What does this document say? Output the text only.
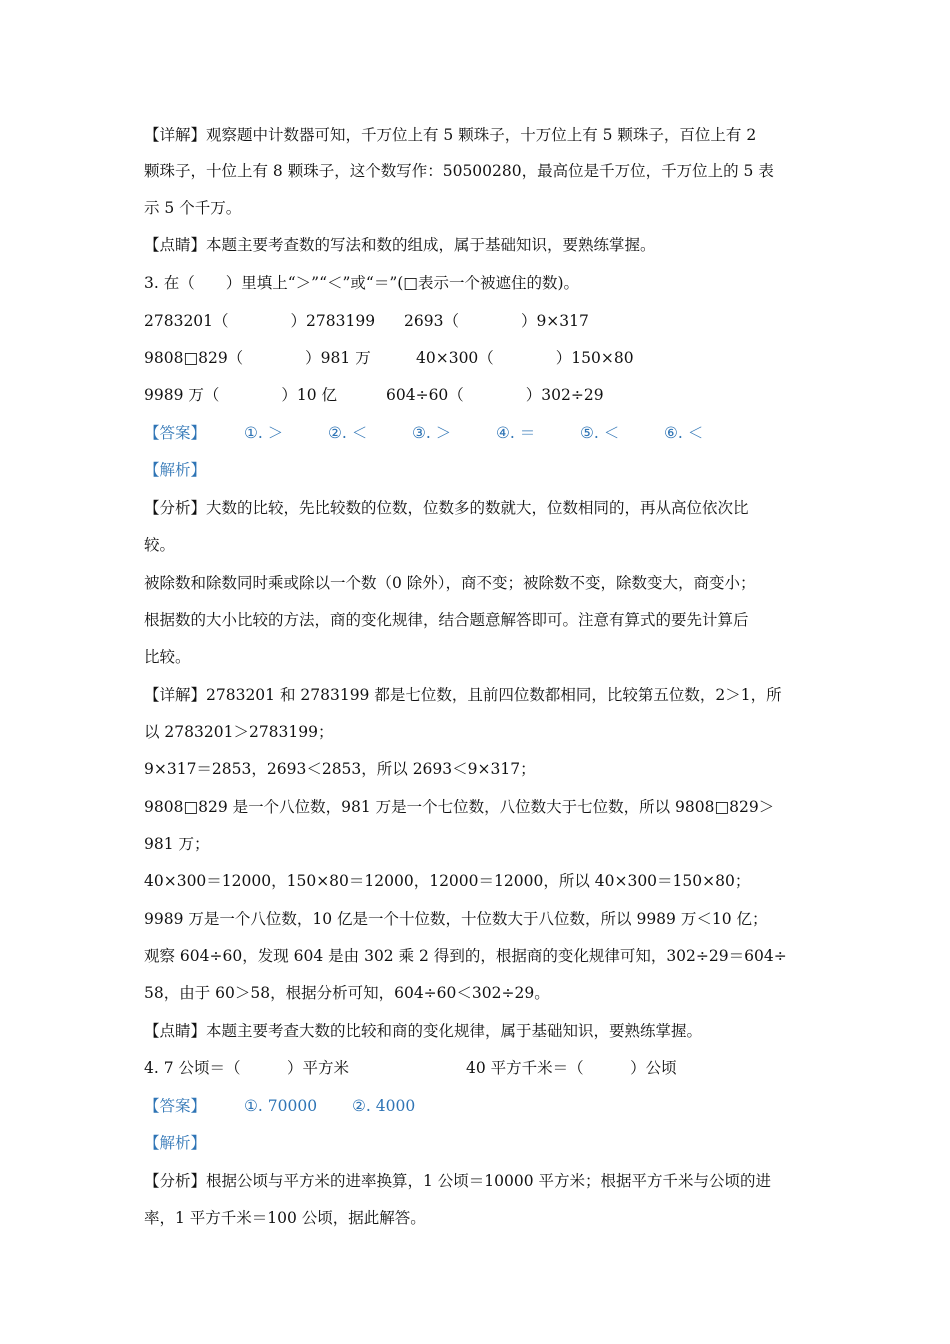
【详解】观察题中计数器可知，千万位上有 5 颗珠子，十万位上有 5 颗珠子，百位上有 2
颗珠子，十位上有 8 颗珠子，这个数写作：50500280，最高位是千万位，千万位上的 5 表
示 5 个千万。
【点睛】本题主要考查数的写法和数的组成，属于基础知识，要熟练掌握。
3. 在（　　）里填上“＞”“＜”或“＝”(□表示一个被遮住的数)。
2783201（　　　　）2783199 2693（　　　　）9×317
9808□829（　　　　）981 万	40×300（　　　　）150×80
9989 万（　　　　）10 亿	604÷60（　　　　）302÷29
【答案】 ①. ＞	②. ＜	③. ＞	④. ＝	⑤. ＜	⑥. ＜
【解析】
【分析】大数的比较，先比较数的位数，位数多的数就大，位数相同的，再从高位依次比
较。
被除数和除数同时乘或除以一个数（0 除外），商不变；被除数不变，除数变大，商变小；
根据数的大小比较的方法，商的变化规律，结合题意解答即可。注意有算式的要先计算后
比较。
【详解】2783201 和 2783199 都是七位数，且前四位数都相同，比较第五位数，2＞1，所
以 2783201＞2783199；
9×317＝2853，2693＜2853，所以 2693＜9×317；
9808□829 是一个八位数，981 万是一个七位数，八位数大于七位数，所以 9808□829＞
981 万；
40×300＝12000，150×80＝12000，12000＝12000，所以 40×300＝150×80；
9989 万是一个八位数，10 亿是一个十位数，十位数大于八位数，所以 9989 万＜10 亿；
观察 604÷60，发现 604 是由 302 乘 2 得到的，根据商的变化规律可知，302÷29＝604÷
58，由于 60＞58，根据分析可知，604÷60＜302÷29。
【点睛】本题主要考查大数的比较和商的变化规律，属于基础知识，要熟练掌握。
4. 7 公顷＝（　　　）平方米	40 平方千米＝（　　　）公顷
【答案】 ①. 70000 ②. 4000
【解析】
【分析】根据公顷与平方米的进率换算，1 公顷＝10000 平方米；根据平方千米与公顷的进
率，1 平方千米＝100 公顷，据此解答。
